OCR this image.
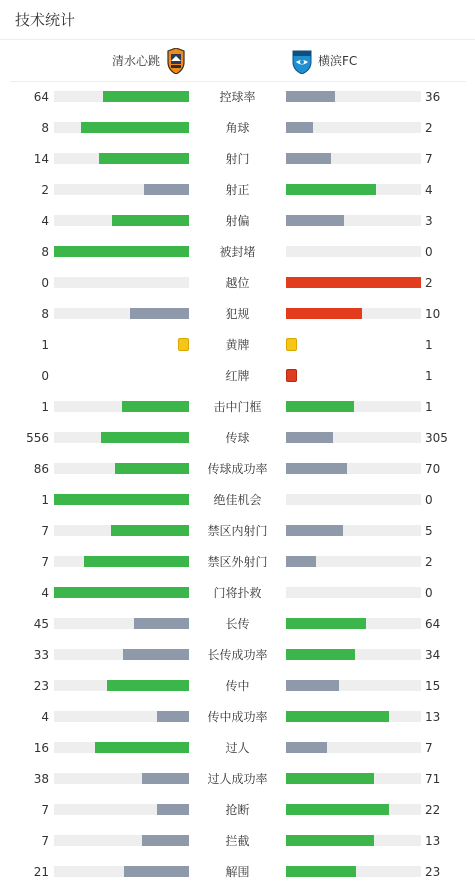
技术统计
清水心跳	横滨FC
64	控球率	36
8	角球	2
14	射门	7
2	射正	4
4	射偏	3
8	被封堵	0
0	越位	2
8	犯规	10
1	黄牌	1
0	红牌	1
1	击中门框	1
556	传球	305
86	传球成功率	70
1	绝佳机会	0
7	禁区内射门	5
7	禁区外射门	2
4	门将扑救	0
45	长传	64
33	长传成功率	34
23	传中	15
4	传中成功率	13
16	过人	7
38	过人成功率	71
7	抢断	22
7	拦截	13
21	解围	23
